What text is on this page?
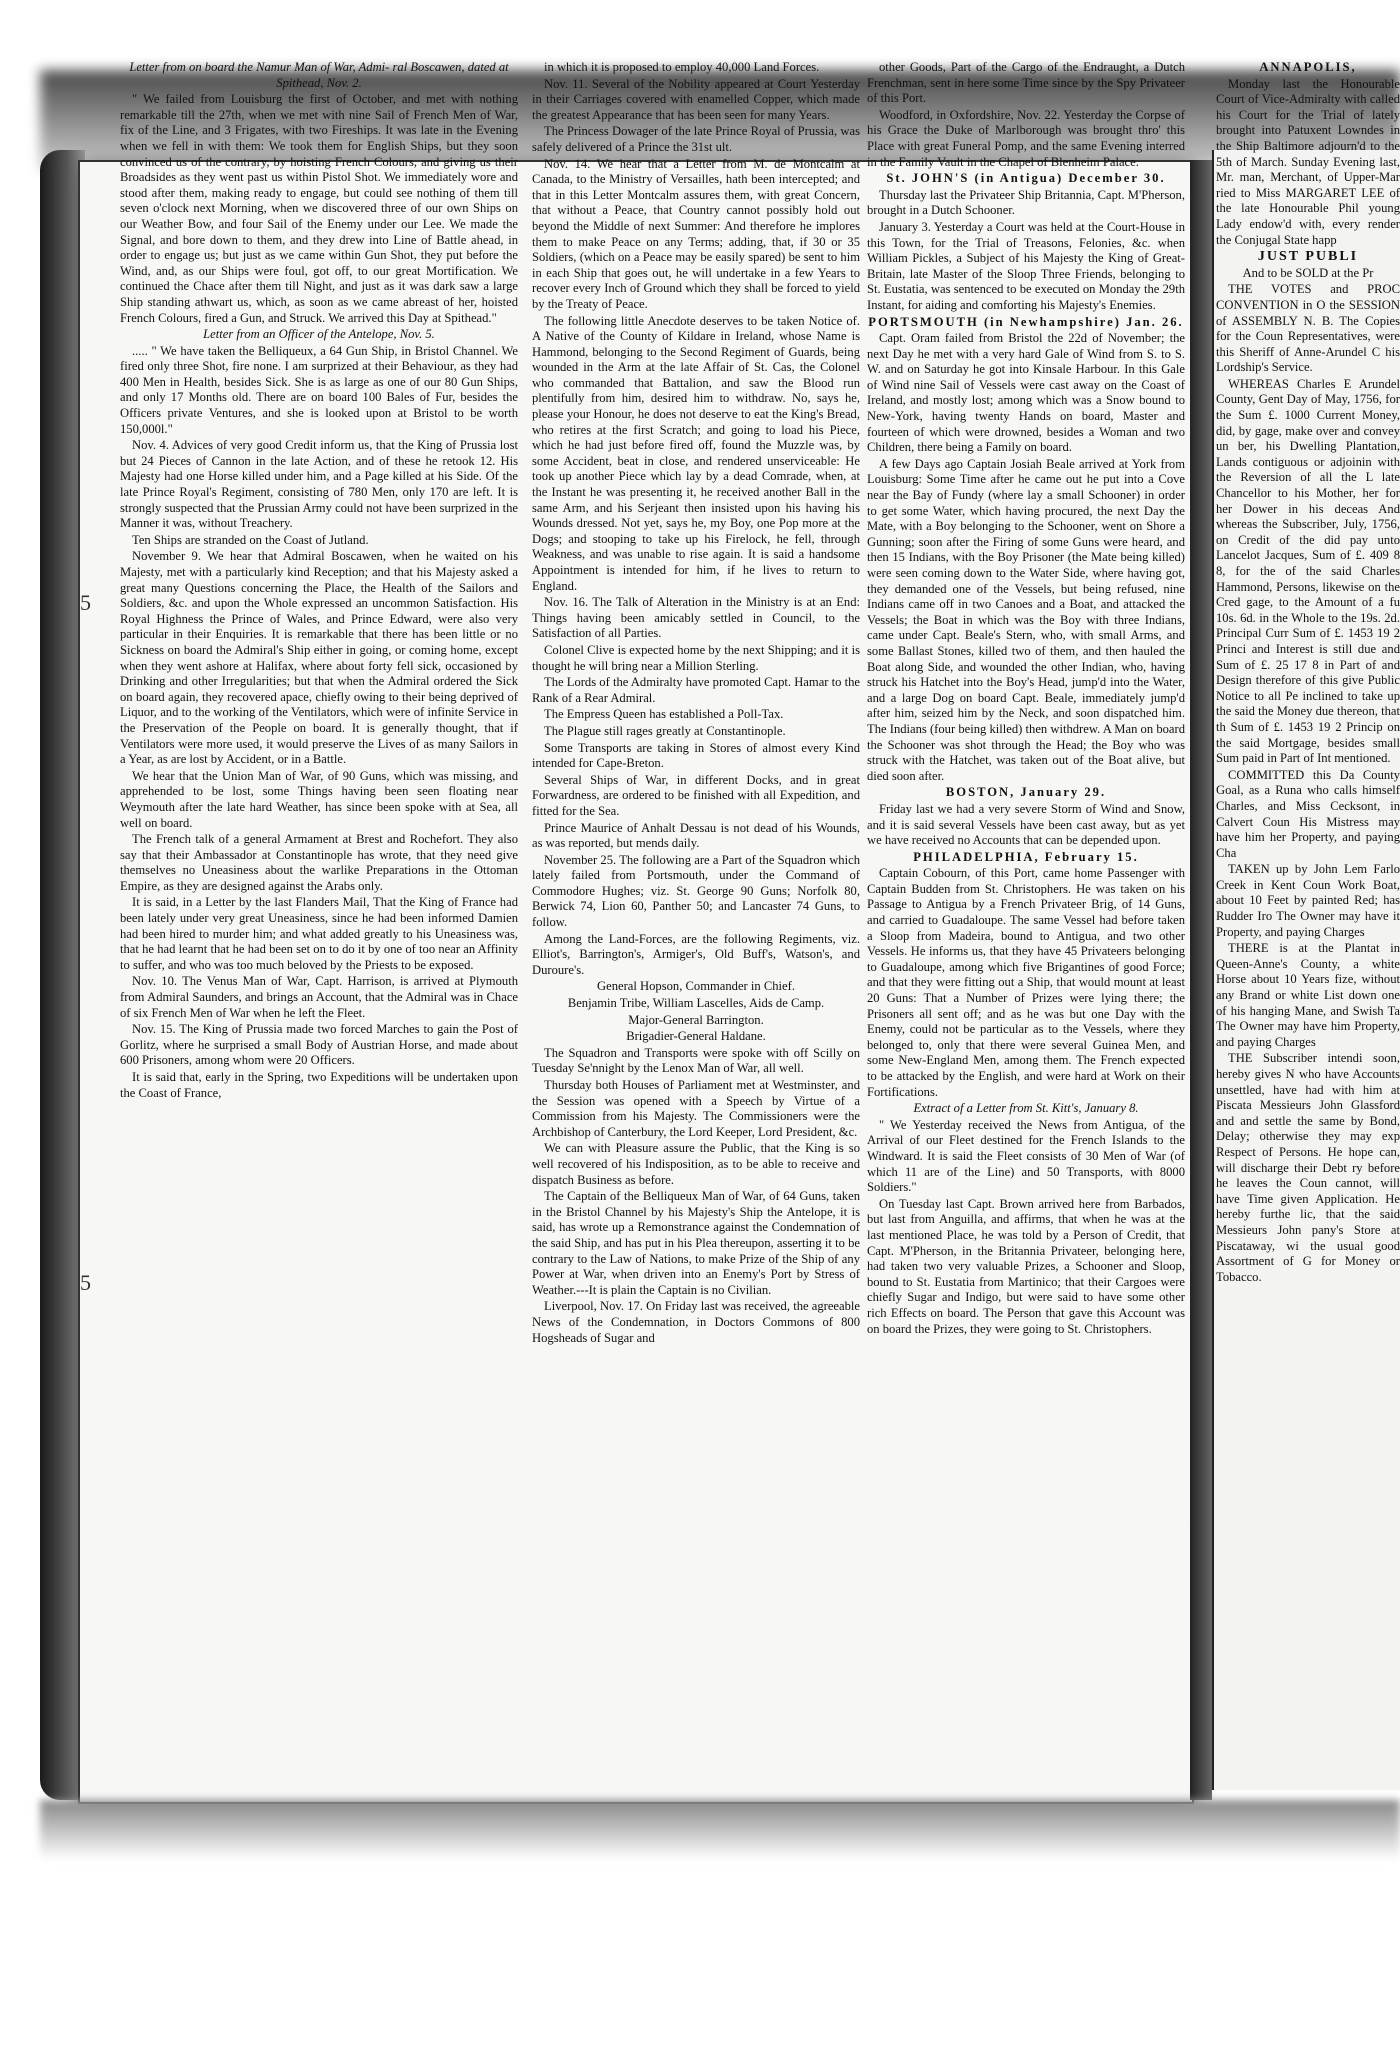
5
5

Letter from on board the Namur Man of War, Admi- ral Boscawen, dated at Spithead, Nov. 2.

" We failed from Louisburg the first of October, and met with nothing remarkable till the 27th, when we met with nine Sail of French Men of War, fix of the Line, and 3 Frigates, with two Fireships. It was late in the Evening when we fell in with them: We took them for English Ships, but they soon convinced us of the contrary, by hoisting French Colours, and giving us their Broadsides as they went past us within Pistol Shot. We immediately wore and stood after them, making ready to engage, but could see nothing of them till seven o'clock next Morning, when we discovered three of our own Ships on our Weather Bow, and four Sail of the Enemy under our Lee. We made the Signal, and bore down to them, and they drew into Line of Battle ahead, in order to engage us; but just as we came within Gun Shot, they put before the Wind, and, as our Ships were foul, got off, to our great Mortification. We continued the Chace after them till Night, and just as it was dark saw a large Ship standing athwart us, which, as soon as we came abreast of her, hoisted French Colours, fired a Gun, and Struck. We arrived this Day at Spithead."

Letter from an Officer of the Antelope, Nov. 5.

..... " We have taken the Belliqueux, a 64 Gun Ship, in Bristol Channel. We fired only three Shot, fire none. I am surprized at their Behaviour, as they had 400 Men in Health, besides Sick. She is as large as one of our 80 Gun Ships, and only 17 Months old. There are on board 100 Bales of Fur, besides the Officers private Ventures, and she is looked upon at Bristol to be worth 150,000l."

Nov. 4. Advices of very good Credit inform us, that the King of Prussia lost but 24 Pieces of Cannon in the late Action, and of these he retook 12. His Majesty had one Horse killed under him, and a Page killed at his Side. Of the late Prince Royal's Regiment, consisting of 780 Men, only 170 are left. It is strongly suspected that the Prussian Army could not have been surprized in the Manner it was, without Treachery.

Ten Ships are stranded on the Coast of Jutland.

November 9. We hear that Admiral Boscawen, when he waited on his Majesty, met with a particularly kind Reception; and that his Majesty asked a great many Questions concerning the Place, the Health of the Sailors and Soldiers, &c. and upon the Whole expressed an uncommon Satisfaction. His Royal Highness the Prince of Wales, and Prince Edward, were also very particular in their Enquiries. It is remarkable that there has been little or no Sickness on board the Admiral's Ship either in going, or coming home, except when they went ashore at Halifax, where about forty fell sick, occasioned by Drinking and other Irregularities; but that when the Admiral ordered the Sick on board again, they recovered apace, chiefly owing to their being deprived of Liquor, and to the working of the Ventilators, which were of infinite Service in the Preservation of the People on board. It is generally thought, that if Ventilators were more used, it would preserve the Lives of as many Sailors in a Year, as are lost by Accident, or in a Battle.

We hear that the Union Man of War, of 90 Guns, which was missing, and apprehended to be lost, some Things having been seen floating near Weymouth after the late hard Weather, has since been spoke with at Sea, all well on board.

The French talk of a general Armament at Brest and Rochefort. They also say that their Ambassador at Constantinople has wrote, that they need give themselves no Uneasiness about the warlike Preparations in the Ottoman Empire, as they are designed against the Arabs only.

It is said, in a Letter by the last Flanders Mail, That the King of France had been lately under very great Uneasiness, since he had been informed Damien had been hired to murder him; and what added greatly to his Uneasiness was, that he had learnt that he had been set on to do it by one of too near an Affinity to suffer, and who was too much beloved by the Priests to be exposed.

Nov. 10. The Venus Man of War, Capt. Harrison, is arrived at Plymouth from Admiral Saunders, and brings an Account, that the Admiral was in Chace of six French Men of War when he left the Fleet.

Nov. 15. The King of Prussia made two forced Marches to gain the Post of Gorlitz, where he surprised a small Body of Austrian Horse, and made about 600 Prisoners, among whom were 20 Officers.

It is said that, early in the Spring, two Expeditions will be undertaken upon the Coast of France,

in which it is proposed to employ 40,000 Land Forces.

Nov. 11. Several of the Nobility appeared at Court Yesterday in their Carriages covered with enamelled Copper, which made the greatest Appearance that has been seen for many Years.

The Princess Dowager of the late Prince Royal of Prussia, was safely delivered of a Prince the 31st ult.

Nov. 14. We hear that a Letter from M. de Montcalm at Canada, to the Ministry of Versailles, hath been intercepted; and that in this Letter Montcalm assures them, with great Concern, that without a Peace, that Country cannot possibly hold out beyond the Middle of next Summer: And therefore he implores them to make Peace on any Terms; adding, that, if 30 or 35 Soldiers, (which on a Peace may be easily spared) be sent to him in each Ship that goes out, he will undertake in a few Years to recover every Inch of Ground which they shall be forced to yield by the Treaty of Peace.

The following little Anecdote deserves to be taken Notice of. A Native of the County of Kildare in Ireland, whose Name is Hammond, belonging to the Second Regiment of Guards, being wounded in the Arm at the late Affair of St. Cas, the Colonel who commanded that Battalion, and saw the Blood run plentifully from him, desired him to withdraw. No, says he, please your Honour, he does not deserve to eat the King's Bread, who retires at the first Scratch; and going to load his Piece, which he had just before fired off, found the Muzzle was, by some Accident, beat in close, and rendered unserviceable: He took up another Piece which lay by a dead Comrade, when, at the Instant he was presenting it, he received another Ball in the same Arm, and his Serjeant then insisted upon his having his Wounds dressed. Not yet, says he, my Boy, one Pop more at the Dogs; and stooping to take up his Firelock, he fell, through Weakness, and was unable to rise again. It is said a handsome Appointment is intended for him, if he lives to return to England.

Nov. 16. The Talk of Alteration in the Ministry is at an End: Things having been amicably settled in Council, to the Satisfaction of all Parties.

Colonel Clive is expected home by the next Shipping; and it is thought he will bring near a Million Sterling.

The Lords of the Admiralty have promoted Capt. Hamar to the Rank of a Rear Admiral.

The Empress Queen has established a Poll-Tax.

The Plague still rages greatly at Constantinople.

Some Transports are taking in Stores of almost every Kind intended for Cape-Breton.

Several Ships of War, in different Docks, and in great Forwardness, are ordered to be finished with all Expedition, and fitted for the Sea.

Prince Maurice of Anhalt Dessau is not dead of his Wounds, as was reported, but mends daily.

November 25. The following are a Part of the Squadron which lately failed from Portsmouth, under the Command of Commodore Hughes; viz. St. George 90 Guns; Norfolk 80, Berwick 74, Lion 60, Panther 50; and Lancaster 74 Guns, to follow.

Among the Land-Forces, are the following Regiments, viz. Elliot's, Barrington's, Armiger's, Old Buff's, Watson's, and Duroure's.

General Hopson, Commander in Chief.

Benjamin Tribe, William Lascelles, Aids de Camp.

Major-General Barrington.

Brigadier-General Haldane.

The Squadron and Transports were spoke with off Scilly on Tuesday Se'nnight by the Lenox Man of War, all well.

Thursday both Houses of Parliament met at Westminster, and the Session was opened with a Speech by Virtue of a Commission from his Majesty. The Commissioners were the Archbishop of Canterbury, the Lord Keeper, Lord President, &c.

We can with Pleasure assure the Public, that the King is so well recovered of his Indisposition, as to be able to receive and dispatch Business as before.

The Captain of the Belliqueux Man of War, of 64 Guns, taken in the Bristol Channel by his Majesty's Ship the Antelope, it is said, has wrote up a Remonstrance against the Condemnation of the said Ship, and has put in his Plea thereupon, asserting it to be contrary to the Law of Nations, to make Prize of the Ship of any Power at War, when driven into an Enemy's Port by Stress of Weather.---It is plain the Captain is no Civilian.

Liverpool, Nov. 17. On Friday last was received, the agreeable News of the Condemnation, in Doctors Commons of 800 Hogsheads of Sugar and

other Goods, Part of the Cargo of the Endraught, a Dutch Frenchman, sent in here some Time since by the Spy Privateer of this Port.

Woodford, in Oxfordshire, Nov. 22. Yesterday the Corpse of his Grace the Duke of Marlborough was brought thro' this Place with great Funeral Pomp, and the same Evening interred in the Family Vault in the Chapel of Blenheim Palace.

St. JOHN'S (in Antigua) December 30.

Thursday last the Privateer Ship Britannia, Capt. M'Pherson, brought in a Dutch Schooner.

January 3. Yesterday a Court was held at the Court-House in this Town, for the Trial of Treasons, Felonies, &c. when William Pickles, a Subject of his Majesty the King of Great-Britain, late Master of the Sloop Three Friends, belonging to St. Eustatia, was sentenced to be executed on Monday the 29th Instant, for aiding and comforting his Majesty's Enemies.

PORTSMOUTH (in Newhampshire) Jan. 26.

Capt. Oram failed from Bristol the 22d of November; the next Day he met with a very hard Gale of Wind from S. to S. W. and on Saturday he got into Kinsale Harbour. In this Gale of Wind nine Sail of Vessels were cast away on the Coast of Ireland, and mostly lost; among which was a Snow bound to New-York, having twenty Hands on board, Master and fourteen of which were drowned, besides a Woman and two Children, there being a Family on board.

A few Days ago Captain Josiah Beale arrived at York from Louisburg: Some Time after he came out he put into a Cove near the Bay of Fundy (where lay a small Schooner) in order to get some Water, which having procured, the next Day the Mate, with a Boy belonging to the Schooner, went on Shore a Gunning; soon after the Firing of some Guns were heard, and then 15 Indians, with the Boy Prisoner (the Mate being killed) were seen coming down to the Water Side, where having got, they demanded one of the Vessels, but being refused, nine Indians came off in two Canoes and a Boat, and attacked the Vessels; the Boat in which was the Boy with three Indians, came under Capt. Beale's Stern, who, with small Arms, and some Ballast Stones, killed two of them, and then hauled the Boat along Side, and wounded the other Indian, who, having struck his Hatchet into the Boy's Head, jump'd into the Water, and a large Dog on board Capt. Beale, immediately jump'd after him, seized him by the Neck, and soon dispatched him. The Indians (four being killed) then withdrew. A Man on board the Schooner was shot through the Head; the Boy who was struck with the Hatchet, was taken out of the Boat alive, but died soon after.

BOSTON, January 29.

Friday last we had a very severe Storm of Wind and Snow, and it is said several Vessels have been cast away, but as yet we have received no Accounts that can be depended upon.

PHILADELPHIA, February 15.

Captain Cobourn, of this Port, came home Passenger with Captain Budden from St. Christophers. He was taken on his Passage to Antigua by a French Privateer Brig, of 14 Guns, and carried to Guadaloupe. The same Vessel had before taken a Sloop from Madeira, bound to Antigua, and two other Vessels. He informs us, that they have 45 Privateers belonging to Guadaloupe, among which five Brigantines of good Force; and that they were fitting out a Ship, that would mount at least 20 Guns: That a Number of Prizes were lying there; the Prisoners all sent off; and as he was but one Day with the Enemy, could not be particular as to the Vessels, where they belonged to, only that there were several Guinea Men, and some New-England Men, among them. The French expected to be attacked by the English, and were hard at Work on their Fortifications.

Extract of a Letter from St. Kitt's, January 8.

" We Yesterday received the News from Antigua, of the Arrival of our Fleet destined for the French Islands to the Windward. It is said the Fleet consists of 30 Men of War (of which 11 are of the Line) and 50 Transports, with 8000 Soldiers."

On Tuesday last Capt. Brown arrived here from Barbados, but last from Anguilla, and affirms, that when he was at the last mentioned Place, he was told by a Person of Credit, that Capt. M'Pherson, in the Britannia Privateer, belonging here, had taken two very valuable Prizes, a Schooner and Sloop, bound to St. Eustatia from Martinico; that their Cargoes were chiefly Sugar and Indigo, but were said to have some other rich Effects on board. The Person that gave this Account was on board the Prizes, they were going to St. Christophers.

ANNAPOLIS,

Monday last the Honourable Court of Vice-Admiralty with called his Court for the Trial of lately brought into Patuxent Lowndes in the Ship Baltimore adjourn'd to the 5th of March. Sunday Evening last, Mr. man, Merchant, of Upper-Mar ried to Miss MARGARET LEE of the late Honourable Phil young Lady endow'd with, every render the Conjugal State happ

JUST PUBLI

And to be SOLD at the Pr

THE VOTES and PROC CONVENTION in O the SESSION of ASSEMBLY N. B. The Copies for the Coun Representatives, were this Sheriff of Anne-Arundel C his Lordship's Service.

WHEREAS Charles E Arundel County, Gent Day of May, 1756, for the Sum £. 1000 Current Money, did, by gage, make over and convey un ber, his Dwelling Plantation, Lands contiguous or adjoinin with the Reversion of all the L late Chancellor to his Mother, her for her Dower in his deceas And whereas the Subscriber, July, 1756, on Credit of the did pay unto Lancelot Jacques, Sum of £. 409 8 8, for the of the said Charles Hammond, Persons, likewise on the Cred gage, to the Amount of a fu 10s. 6d. in the Whole to the 19s. 2d. Principal Curr Sum of £. 1453 19 2 Princi and Interest is still due and Sum of £. 25 17 8 in Part of and Design therefore of this give Public Notice to all Pe inclined to take up the said the Money due thereon, that th Sum of £. 1453 19 2 Princip on the said Mortgage, besides small Sum paid in Part of Int mentioned.

COMMITTED this Da County Goal, as a Runa who calls himself Charles, and Miss Cecksont, in Calvert Coun His Mistress may have him her Property, and paying Cha

TAKEN up by John Lem Farlo Creek in Kent Coun Work Boat, about 10 Feet by painted Red; has Rudder Iro The Owner may have it Property, and paying Charges

THERE is at the Plantat in Queen-Anne's County, a white Horse about 10 Years fize, without any Brand or white List down one of his hanging Mane, and Swish Ta The Owner may have him Property, and paying Charges

THE Subscriber intendi soon, hereby gives N who have Accounts unsettled, have had with him at Piscata Messieurs John Glassford and and settle the same by Bond, Delay; otherwise they may exp Respect of Persons. He hope can, will discharge their Debt ry before he leaves the Coun cannot, will have Time given Application. He hereby furthe lic, that the said Messieurs John pany's Store at Piscataway, wi the usual good Assortment of G for Money or Tobacco.
